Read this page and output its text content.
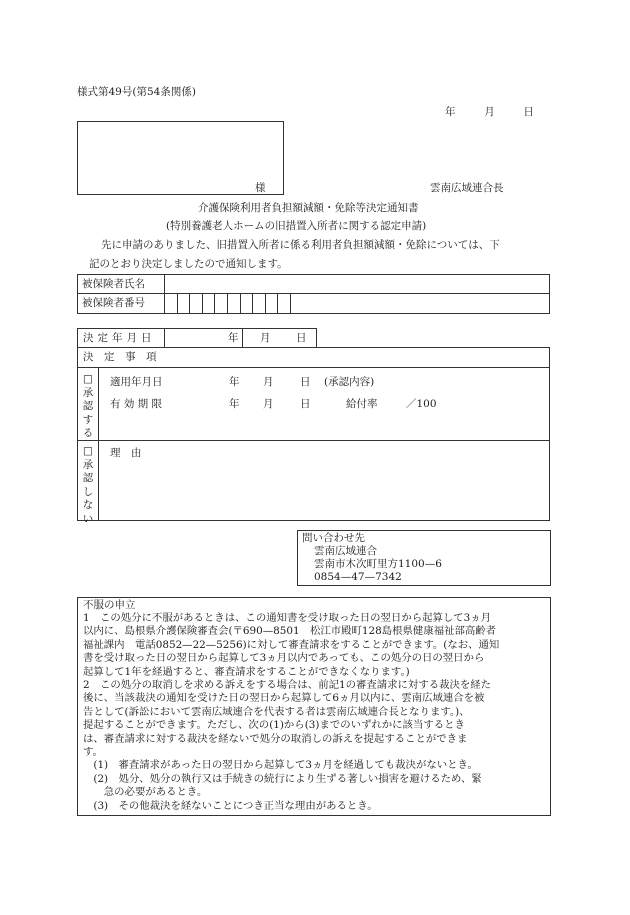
様式第49号(第54条関係)
年	月	日
様	雲南広域連合長
介護保険利用者負担額減額・免除等決定通知書
(特別養護老人ホームの旧措置入所者に関する認定申請)
先に申請のありました、旧措置入所者に係る利用者負担額減額・免除については、下
記のとおり決定しましたので通知します。
被保険者氏名
被保険者番号
決定年月日	年 月 日
決　定　事　項
□
承
認
す
る
適用年月日	年 月	日 (承認内容)
有 効 期 限	年 月	日	給付率	／100
□
承
認
し
な
い
理　由
問い合わせ先
雲南広域連合
雲南市木次町里方1100—6
0854—47—7342
不服の申立
1　この処分に不服があるときは、この通知書を受け取った日の翌日から起算して3ヵ月
以内に、島根県介護保険審査会(〒690—8501　松江市殿町128島根県健康福祉部高齢者
福祉課内　電話0852—22—5256)に対して審査請求をすることができます。(なお、通知
書を受け取った日の翌日から起算して3ヵ月以内であっても、この処分の日の翌日から
起算して1年を経過すると、審査請求をすることができなくなります。)
2　この処分の取消しを求める訴えをする場合は、前記1の審査請求に対する裁決を経た
後に、当該裁決の通知を受けた日の翌日から起算して6ヵ月以内に、雲南広域連合を被
告として(訴訟において雲南広域連合を代表する者は雲南広域連合長となります。)、
提起することができます。ただし、次の(1)から(3)までのいずれかに該当するとき
は、審査請求に対する裁決を経ないで処分の取消しの訴えを提起することができま
す。
　(1)　審査請求があった日の翌日から起算して3ヵ月を経過しても裁決がないとき。
　(2)　処分、処分の執行又は手続きの続行により生ずる著しい損害を避けるため、緊
　　急の必要があるとき。
　(3)　その他裁決を経ないことにつき正当な理由があるとき。
